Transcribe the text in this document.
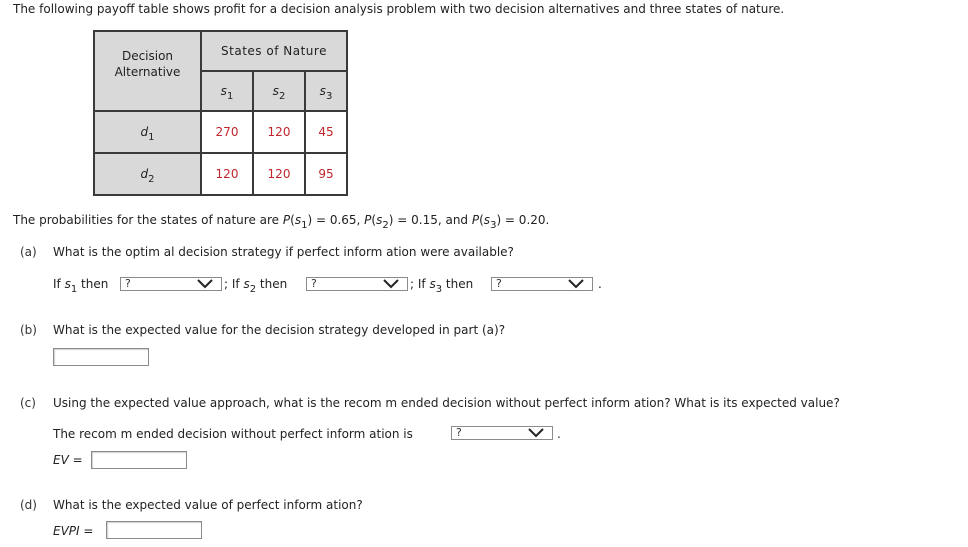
The following payoff table shows profit for a decision analysis problem with two decision alternatives and three states of nature.
Decision
Alternative	States of Nature		
	$s_1$	$s_2$	$s_3$
$d_1$	270	120	45
$d_2$	120	120	95
The probabilities for the states of nature are $P(s_1) = 0.65$, $P(s_2) = 0.15$, and $P(s_3) = 0.20$.
(a) What is the optim al decision strategy if perfect inform ation were available?
If $s_1$ then ?	; If $s_2$ then ?	; If $s_3$ then ?	.
(b) What is the expected value for the decision strategy developed in part (a)?
(c) Using the expected value approach, what is the recom m ended decision without perfect inform ation? What is its expected value?
The recom m ended decision without perfect inform ation is	?	.
EV =
(d) What is the expected value of perfect inform ation?
EVPI =
